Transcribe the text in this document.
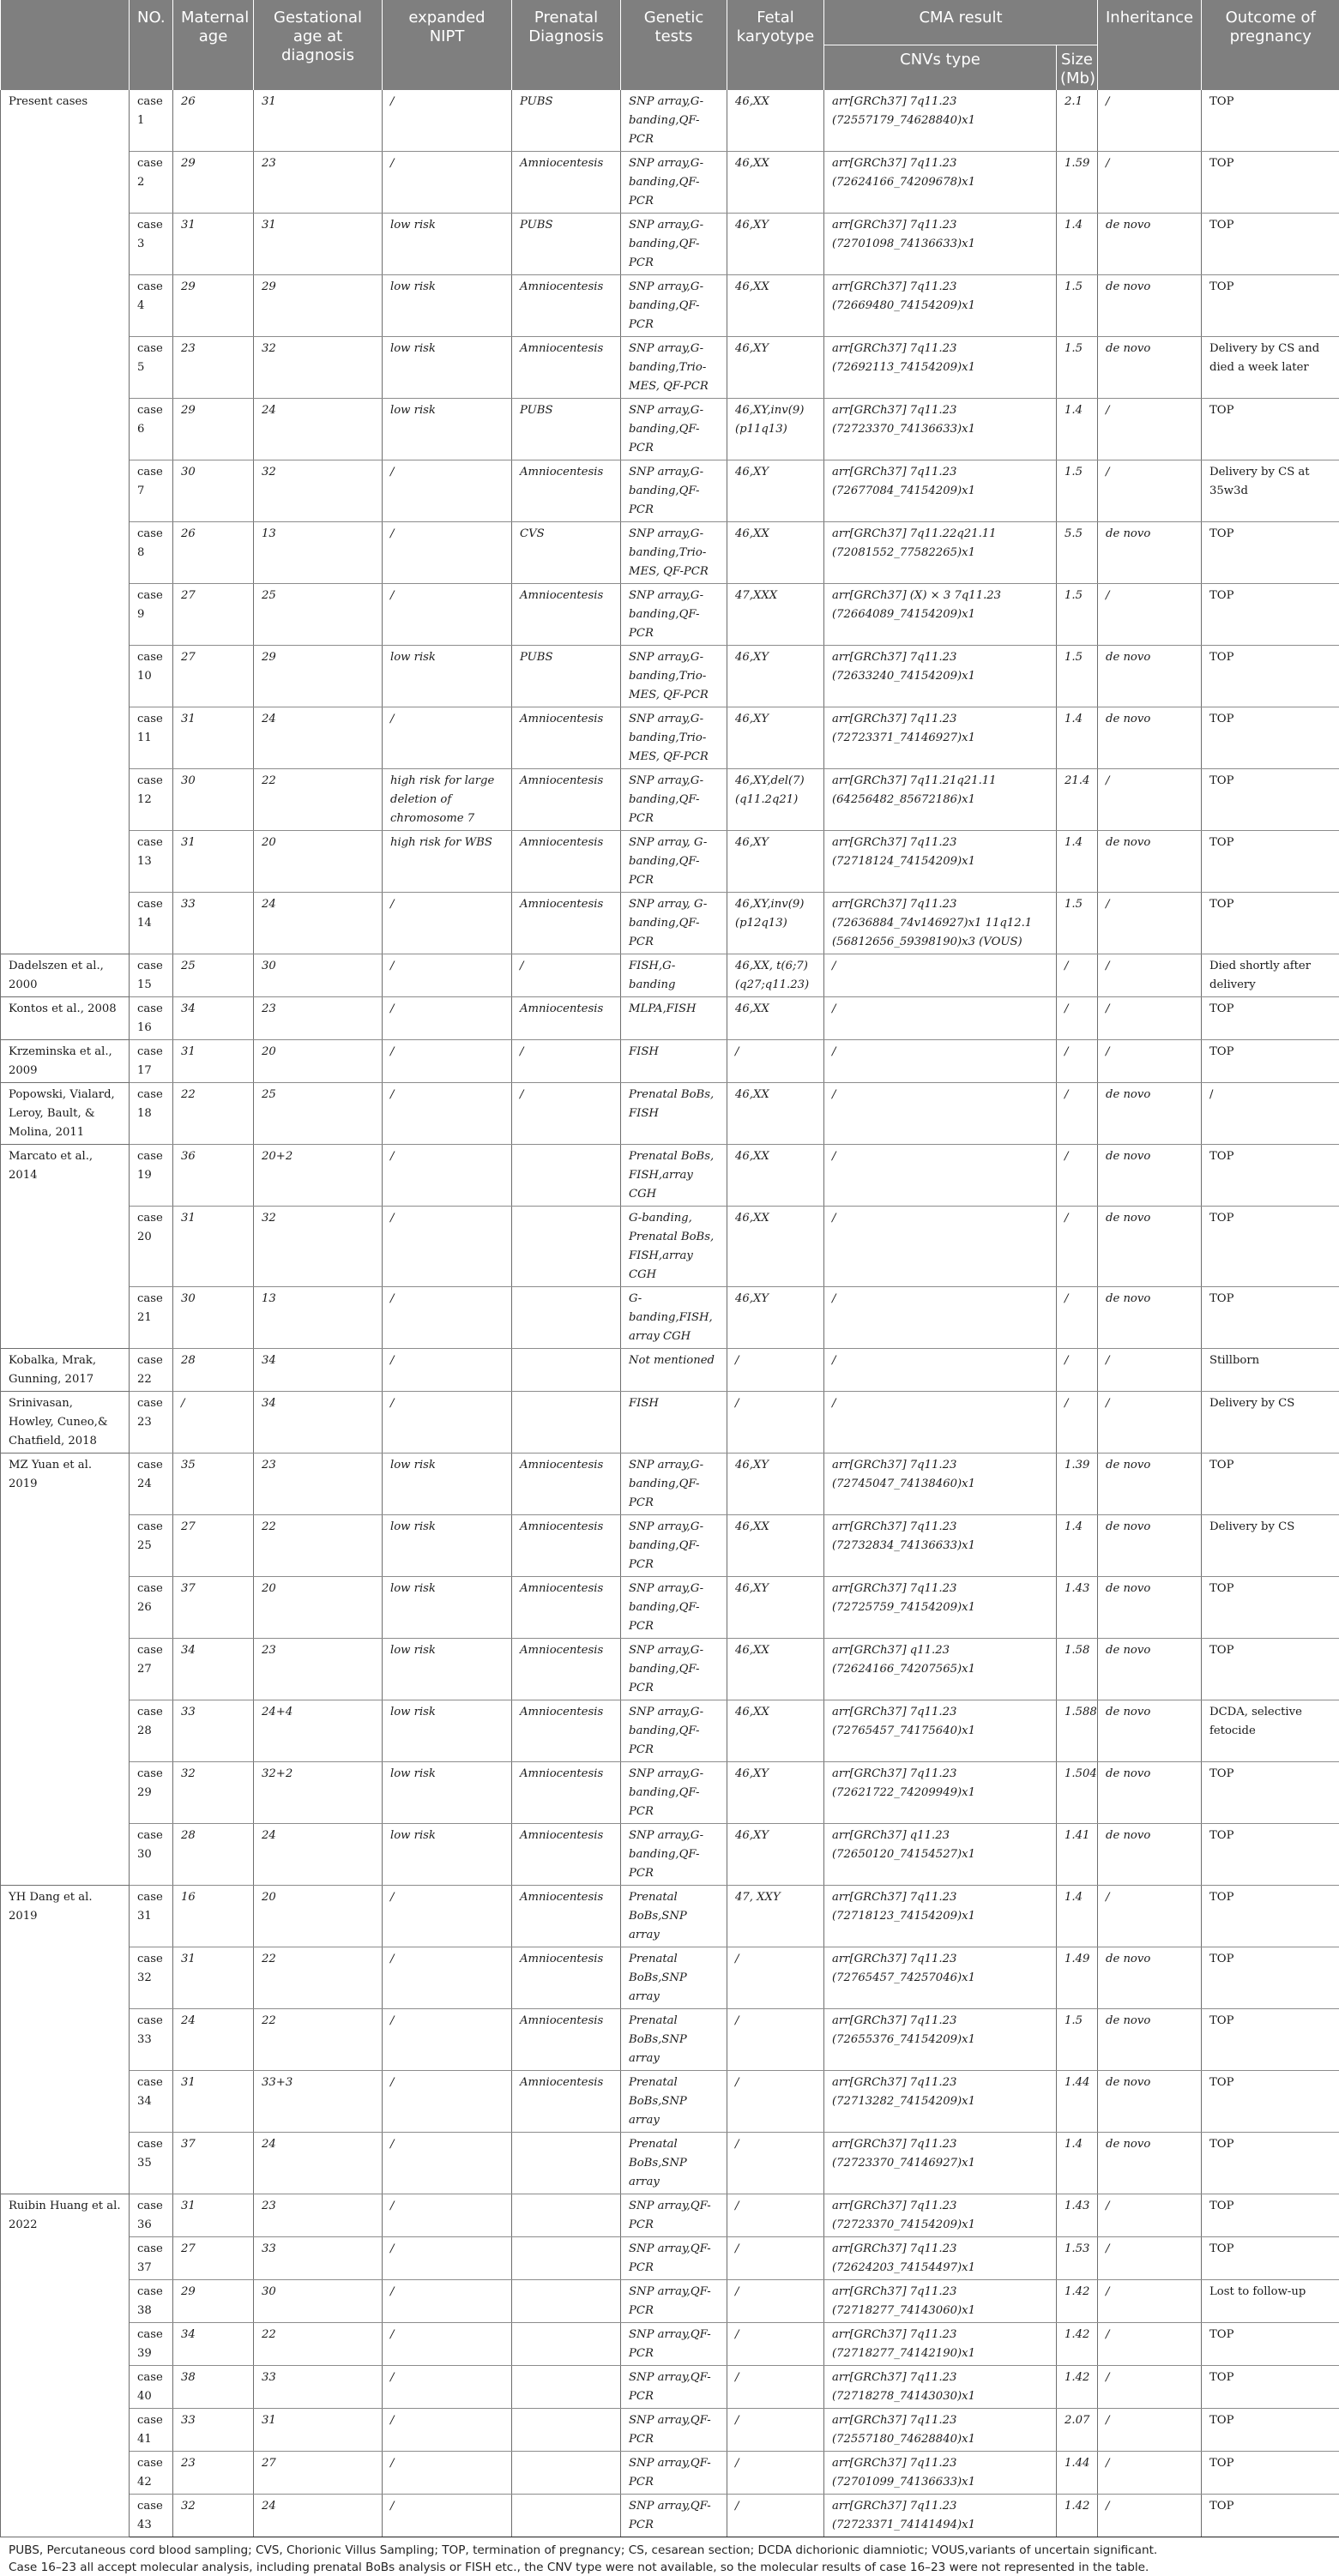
	NO.	Maternal age	Gestational age at diagnosis	expanded NIPT	Prenatal Diagnosis	Genetic tests	Fetal karyotype	CMA result		Inheritance	Outcome of pregnancy
								CNVs type	Size (Mb)		
Present cases	case 1	26	31	/	PUBS	SNP array,G-banding,QF-PCR	46,XX	arr[GRCh37] 7q11.23 (72557179_74628840)x1	2.1	/	TOP
	case 2	29	23	/	Amniocentesis	SNP array,G-banding,QF-PCR	46,XX	arr[GRCh37] 7q11.23 (72624166_74209678)x1	1.59	/	TOP
	case 3	31	31	low risk	PUBS	SNP array,G-banding,QF-PCR	46,XY	arr[GRCh37] 7q11.23 (72701098_74136633)x1	1.4	de novo	TOP
	case 4	29	29	low risk	Amniocentesis	SNP array,G-banding,QF-PCR	46,XX	arr[GRCh37] 7q11.23 (72669480_74154209)x1	1.5	de novo	TOP
	case 5	23	32	low risk	Amniocentesis	SNP array,G-banding,Trio-MES, QF-PCR	46,XY	arr[GRCh37] 7q11.23 (72692113_74154209)x1	1.5	de novo	Delivery by CS and died a week later
	case 6	29	24	low risk	PUBS	SNP array,G-banding,QF-PCR	46,XY,inv(9) (p11q13)	arr[GRCh37] 7q11.23 (72723370_74136633)x1	1.4	/	TOP
	case 7	30	32	/	Amniocentesis	SNP array,G-banding,QF-PCR	46,XY	arr[GRCh37] 7q11.23 (72677084_74154209)x1	1.5	/	Delivery by CS at 35w3d
	case 8	26	13	/	CVS	SNP array,G-banding,Trio-MES, QF-PCR	46,XX	arr[GRCh37] 7q11.22q21.11 (72081552_77582265)x1	5.5	de novo	TOP
	case 9	27	25	/	Amniocentesis	SNP array,G-banding,QF-PCR	47,XXX	arr[GRCh37] (X) × 3 7q11.23 (72664089_74154209)x1	1.5	/	TOP
	case 10	27	29	low risk	PUBS	SNP array,G-banding,Trio-MES, QF-PCR	46,XY	arr[GRCh37] 7q11.23 (72633240_74154209)x1	1.5	de novo	TOP
	case 11	31	24	/	Amniocentesis	SNP array,G-banding,Trio-MES, QF-PCR	46,XY	arr[GRCh37] 7q11.23 (72723371_74146927)x1	1.4	de novo	TOP
	case 12	30	22	high risk for large deletion of chromosome 7	Amniocentesis	SNP array,G-banding,QF-PCR	46,XY,del(7) (q11.2q21)	arr[GRCh37] 7q11.21q21.11 (64256482_85672186)x1	21.4	/	TOP
	case 13	31	20	high risk for WBS	Amniocentesis	SNP array, G-banding,QF-PCR	46,XY	arr[GRCh37] 7q11.23 (72718124_74154209)x1	1.4	de novo	TOP
	case 14	33	24	/	Amniocentesis	SNP array, G-banding,QF-PCR	46,XY,inv(9) (p12q13)	arr[GRCh37] 7q11.23 (72636884_74v146927)x1 11q12.1 (56812656_59398190)x3 (VOUS)	1.5	/	TOP
Dadelszen et al., 2000	case 15	25	30	/	/	FISH,G-banding	46,XX, t(6;7) (q27;q11.23)	/	/	/	Died shortly after delivery
Kontos et al., 2008	case 16	34	23	/	Amniocentesis	MLPA,FISH	46,XX	/	/	/	TOP
Krzeminska et al., 2009	case 17	31	20	/	/	FISH	/	/	/	/	TOP
Popowski, Vialard, Leroy, Bault, & Molina, 2011	case 18	22	25	/	/	Prenatal BoBs, FISH	46,XX	/	/	de novo	/
Marcato et al., 2014	case 19	36	20+2	/		Prenatal BoBs, FISH,array CGH	46,XX	/	/	de novo	TOP
	case 20	31	32	/		G-banding, Prenatal BoBs, FISH,array CGH	46,XX	/	/	de novo	TOP
	case 21	30	13	/		G-banding,FISH, array CGH	46,XY	/	/	de novo	TOP
Kobalka, Mrak, Gunning, 2017	case 22	28	34	/		Not mentioned	/	/	/	/	Stillborn
Srinivasan, Howley, Cuneo,& Chatfield, 2018	case 23	/	34	/		FISH	/	/	/	/	Delivery by CS
MZ Yuan et al. 2019	case 24	35	23	low risk	Amniocentesis	SNP array,G-banding,QF-PCR	46,XY	arr[GRCh37] 7q11.23 (72745047_74138460)x1	1.39	de novo	TOP
	case 25	27	22	low risk	Amniocentesis	SNP array,G-banding,QF-PCR	46,XX	arr[GRCh37] 7q11.23 (72732834_74136633)x1	1.4	de novo	Delivery by CS
	case 26	37	20	low risk	Amniocentesis	SNP array,G-banding,QF-PCR	46,XY	arr[GRCh37] 7q11.23 (72725759_74154209)x1	1.43	de novo	TOP
	case 27	34	23	low risk	Amniocentesis	SNP array,G-banding,QF-PCR	46,XX	arr[GRCh37] q11.23 (72624166_74207565)x1	1.58	de novo	TOP
	case 28	33	24+4	low risk	Amniocentesis	SNP array,G-banding,QF-PCR	46,XX	arr[GRCh37] 7q11.23 (72765457_74175640)x1	1.588	de novo	DCDA, selective fetocide
	case 29	32	32+2	low risk	Amniocentesis	SNP array,G-banding,QF-PCR	46,XY	arr[GRCh37] 7q11.23 (72621722_74209949)x1	1.504	de novo	TOP
	case 30	28	24	low risk	Amniocentesis	SNP array,G-banding,QF-PCR	46,XY	arr[GRCh37] q11.23 (72650120_74154527)x1	1.41	de novo	TOP
YH Dang et al. 2019	case 31	16	20	/	Amniocentesis	Prenatal BoBs,SNP array	47, XXY	arr[GRCh37] 7q11.23 (72718123_74154209)x1	1.4	/	TOP
	case 32	31	22	/	Amniocentesis	Prenatal BoBs,SNP array	/	arr[GRCh37] 7q11.23 (72765457_74257046)x1	1.49	de novo	TOP
	case 33	24	22	/	Amniocentesis	Prenatal BoBs,SNP array	/	arr[GRCh37] 7q11.23 (72655376_74154209)x1	1.5	de novo	TOP
	case 34	31	33+3	/	Amniocentesis	Prenatal BoBs,SNP array	/	arr[GRCh37] 7q11.23 (72713282_74154209)x1	1.44	de novo	TOP
	case 35	37	24	/		Prenatal BoBs,SNP array	/	arr[GRCh37] 7q11.23 (72723370_74146927)x1	1.4	de novo	TOP
Ruibin Huang et al. 2022	case 36	31	23	/		SNP array,QF-PCR	/	arr[GRCh37] 7q11.23 (72723370_74154209)x1	1.43	/	TOP
	case 37	27	33	/		SNP array,QF-PCR	/	arr[GRCh37] 7q11.23 (72624203_74154497)x1	1.53	/	TOP
	case 38	29	30	/		SNP array,QF-PCR	/	arr[GRCh37] 7q11.23 (72718277_74143060)x1	1.42	/	Lost to follow-up
	case 39	34	22	/		SNP array,QF-PCR	/	arr[GRCh37] 7q11.23 (72718277_74142190)x1	1.42	/	TOP
	case 40	38	33	/		SNP array,QF-PCR	/	arr[GRCh37] 7q11.23 (72718278_74143030)x1	1.42	/	TOP
	case 41	33	31	/		SNP array,QF-PCR	/	arr[GRCh37] 7q11.23 (72557180_74628840)x1	2.07	/	TOP
	case 42	23	27	/		SNP array,QF-PCR	/	arr[GRCh37] 7q11.23 (72701099_74136633)x1	1.44	/	TOP
	case 43	32	24	/		SNP array,QF-PCR	/	arr[GRCh37] 7q11.23 (72723371_74141494)x1	1.42	/	TOP
PUBS, Percutaneous cord blood sampling; CVS, Chorionic Villus Sampling; TOP, termination of pregnancy; CS, cesarean section; DCDA dichorionic diamniotic; VOUS,variants of uncertain significant.
Case 16–23 all accept molecular analysis, including prenatal BoBs analysis or FISH etc., the CNV type were not available, so the molecular results of case 16–23 were not represented in the table.
